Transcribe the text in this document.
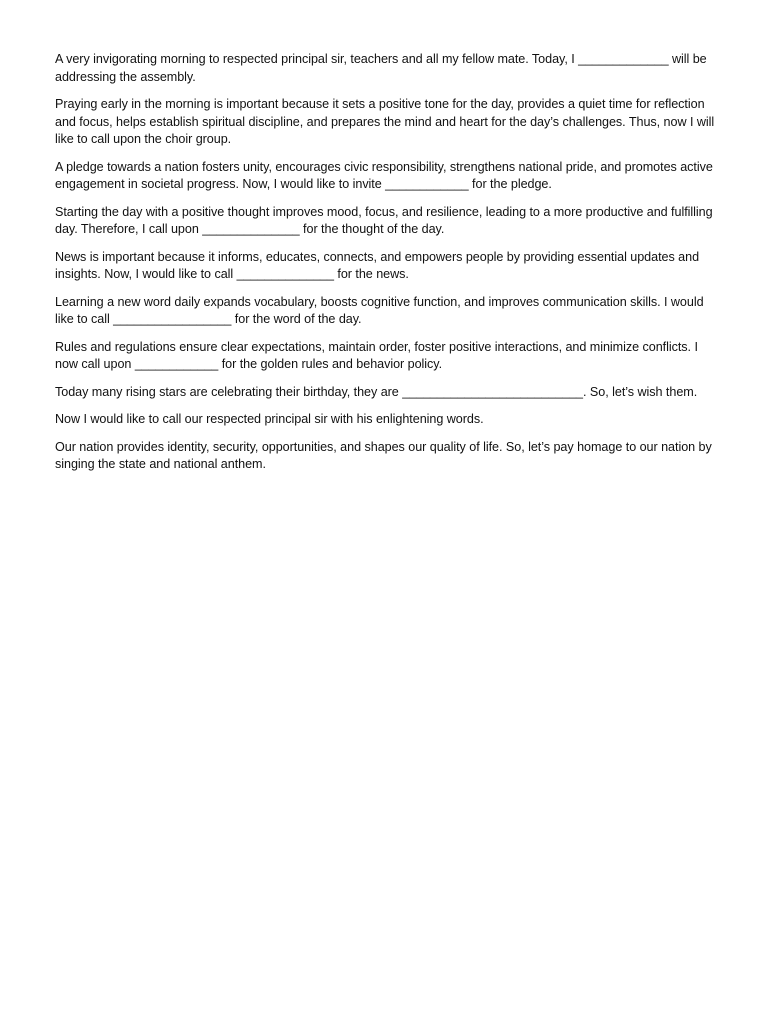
A very invigorating morning to respected principal sir, teachers and all my fellow mate. Today, I _____________ will be addressing the assembly.

Praying early in the morning is important because it sets a positive tone for the day, provides a quiet time for reflection and focus, helps establish spiritual discipline, and prepares the mind and heart for the day’s challenges. Thus, now I will like to call upon the choir group.

A pledge towards a nation fosters unity, encourages civic responsibility, strengthens national pride, and promotes active engagement in societal progress. Now, I would like to invite ____________ for the pledge.

Starting the day with a positive thought improves mood, focus, and resilience, leading to a more productive and fulfilling day. Therefore, I call upon ______________ for the thought of the day.

News is important because it informs, educates, connects, and empowers people by providing essential updates and insights. Now, I would like to call ______________ for the news.

Learning a new word daily expands vocabulary, boosts cognitive function, and improves communication skills. I would like to call _________________ for the word of the day.

Rules and regulations ensure clear expectations, maintain order, foster positive interactions, and minimize conflicts. I now call upon ____________ for the golden rules and behavior policy.

Today many rising stars are celebrating their birthday, they are __________________________. So, let’s wish them.

Now I would like to call our respected principal sir with his enlightening words.

Our nation provides identity, security, opportunities, and shapes our quality of life. So, let’s pay homage to our nation by singing the state and national anthem.
